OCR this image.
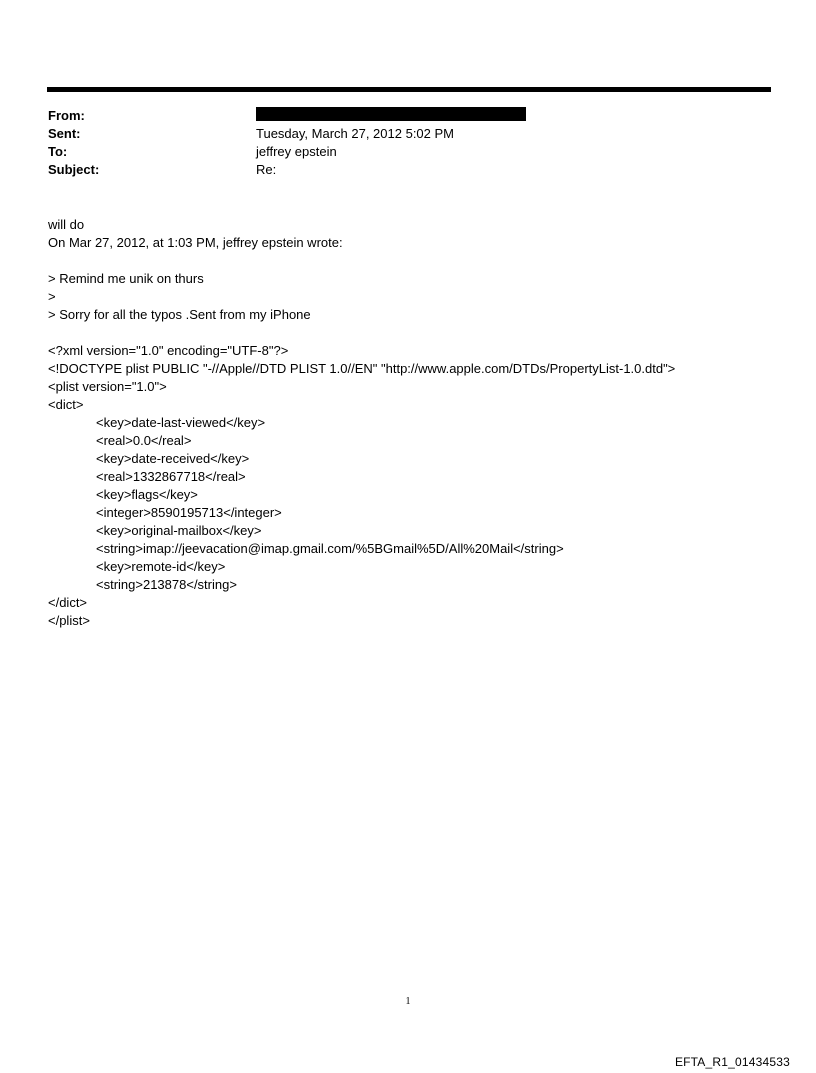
From:
Sent:	Tuesday, March 27, 2012 5:02 PM
To:	jeffrey epstein
Subject:	Re:
will do
On Mar 27, 2012, at 1:03 PM, jeffrey epstein wrote:
> Remind me unik on thurs
>
> Sorry for all the typos .Sent from my iPhone
<?xml version="1.0" encoding="UTF-8"?>
<!DOCTYPE plist PUBLIC "-//Apple//DTD PLIST 1.0//EN" "http://www.apple.com/DTDs/PropertyList-1.0.dtd">
<plist version="1.0">
<dict>
<key>date-last-viewed</key>
<real>0.0</real>
<key>date-received</key>
<real>1332867718</real>
<key>flags</key>
<integer>8590195713</integer>
<key>original-mailbox</key>
<string>imap://jeevacation@imap.gmail.com/%5BGmail%5D/All%20Mail</string>
<key>remote-id</key>
<string>213878</string>
</dict>
</plist>
1
EFTA_R1_01434533
